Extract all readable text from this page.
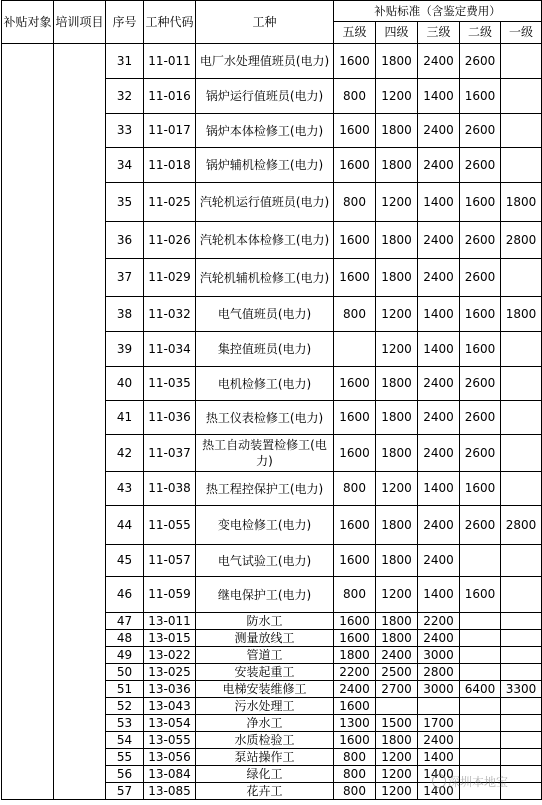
补贴对象	培训项目	序号	工种代码	工种	补贴标准（含鉴定费用）				
					五级	四级	三级	二级	一级
		31	11-011	电厂水处理值班员(电力)	1600	1800	2400	2600	
		32	11-016	锅炉运行值班员(电力)	800	1200	1400	1600	
		33	11-017	锅炉本体检修工(电力)	1600	1800	2400	2600	
		34	11-018	锅炉辅机检修工(电力)	1600	1800	2400	2600	
		35	11-025	汽轮机运行值班员(电力)	800	1200	1400	1600	1800
		36	11-026	汽轮机本体检修工(电力)	1600	1800	2400	2600	2800
		37	11-029	汽轮机辅机检修工(电力)	1600	1800	2400	2600	
		38	11-032	电气值班员(电力)	800	1200	1400	1600	1800
		39	11-034	集控值班员(电力)		1200	1400	1600	
		40	11-035	电机检修工(电力)	1600	1800	2400	2600	
		41	11-036	热工仪表检修工(电力)	1600	1800	2400	2600	
		42	11-037	热工自动装置检修工(电力)	1600	1800	2400	2600	
		43	11-038	热工程控保护工(电力)	800	1200	1400	1600	
		44	11-055	变电检修工(电力)	1600	1800	2400	2600	2800
		45	11-057	电气试验工(电力)	1600	1800	2400		
		46	11-059	继电保护工(电力)	800	1200	1400	1600	
		47	13-011	防水工	1600	1800	2200		
		48	13-015	测量放线工	1600	1800	2400		
		49	13-022	管道工	1800	2400	3000		
		50	13-025	安装起重工	2200	2500	2800		
		51	13-036	电梯安装维修工	2400	2700	3000	6400	3300
		52	13-043	污水处理工	1600				
		53	13-054	净水工	1300	1500	1700		
		54	13-055	水质检验工	1600	1800	2400		
		55	13-056	泵站操作工	800	1200	1400		
		56	13-084	绿化工	800	1200	1400		
		57	13-085	花卉工	800	1200	1400		
深圳本地宝
